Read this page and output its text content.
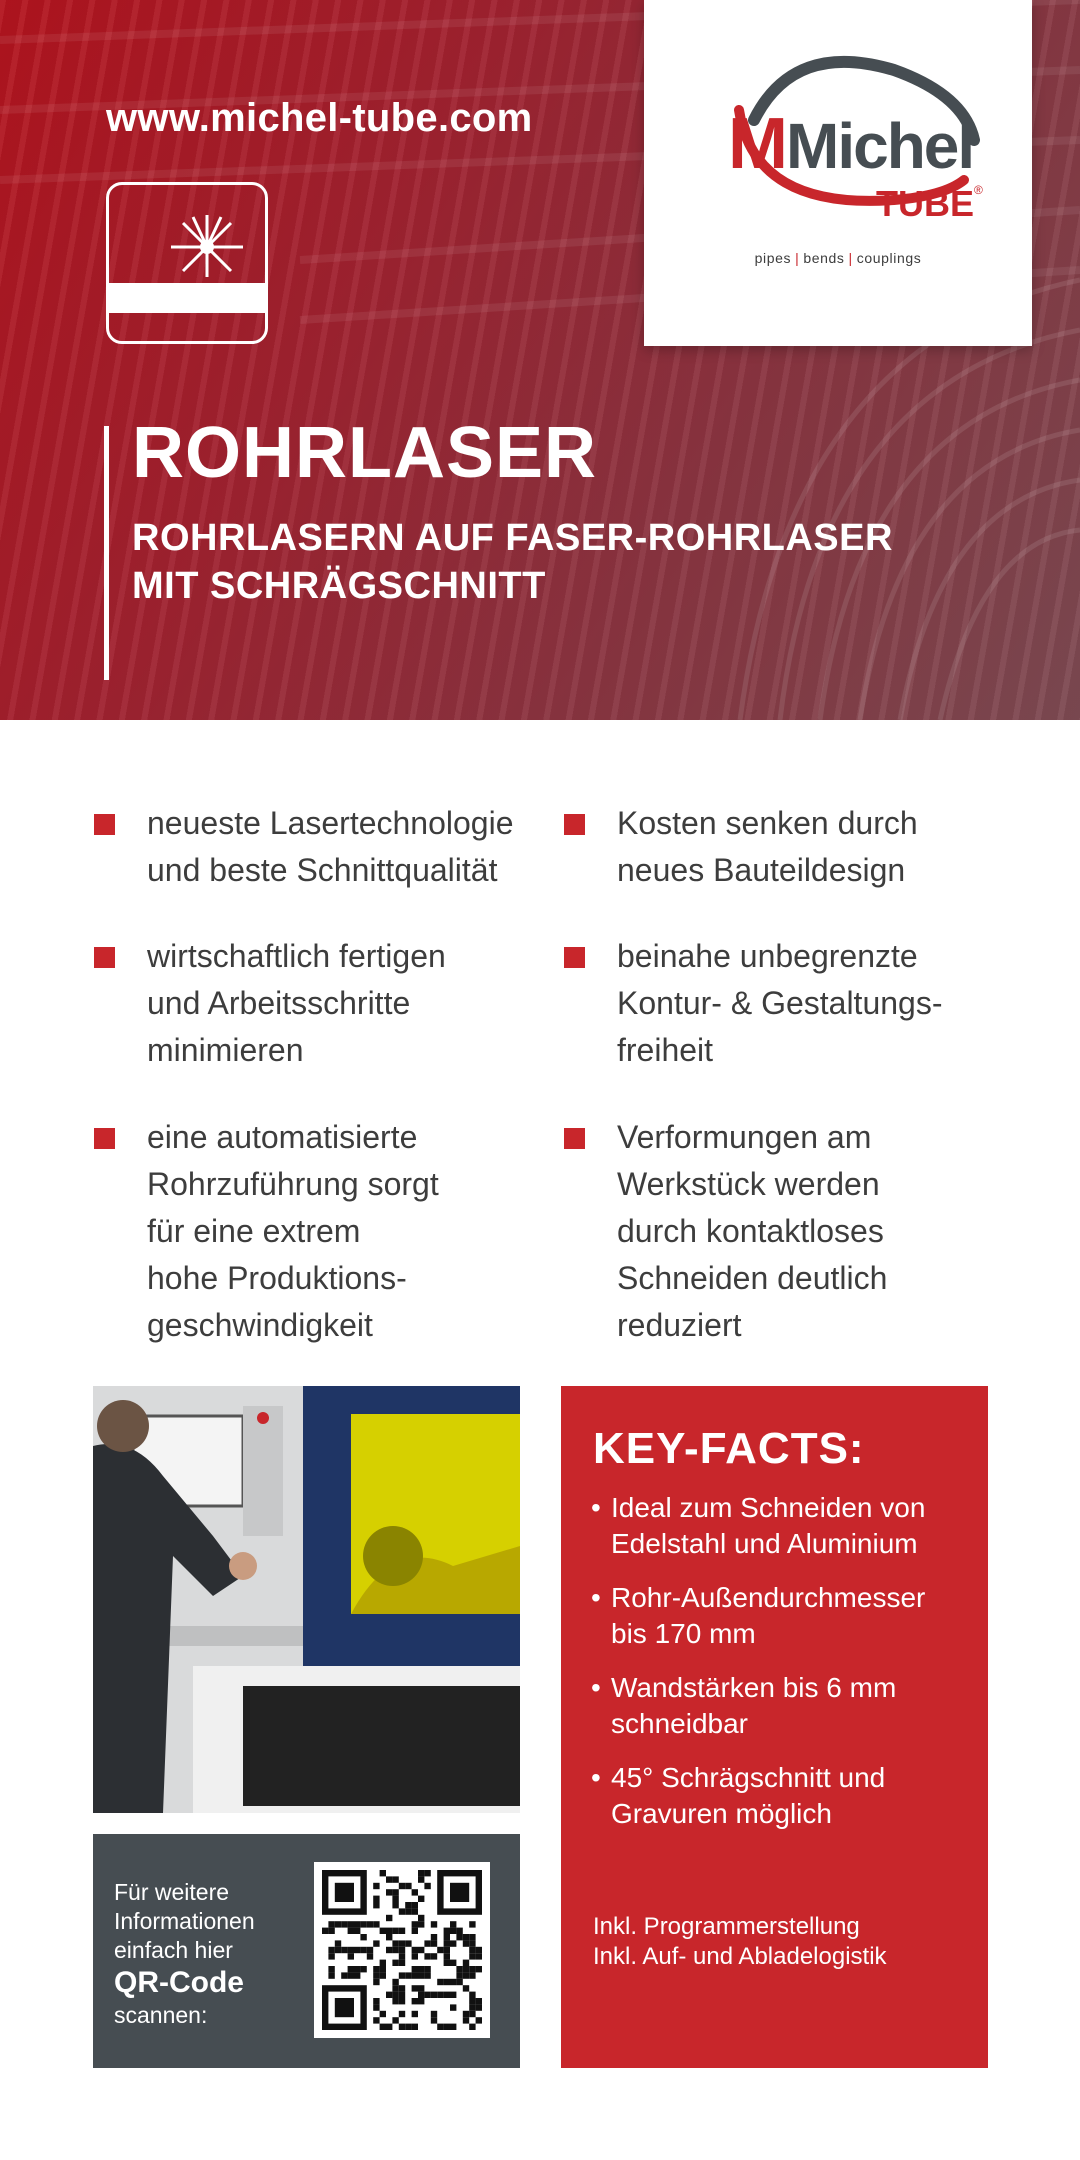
www.michel-tube.com	M
Michel
TUBE ®
pipes | bends | couplings
ROHRLASER
ROHRLASERN AUF FASER-ROHRLASER
MIT SCHRÄGSCHNITT
neueste Lasertechnologie
und beste Schnittqualität
Kosten senken durch
neues Bauteildesign
wirtschaftlich fertigen
und Arbeitsschritte
minimieren
beinahe unbegrenzte
Kontur- & Gestaltungs-
freiheit
eine automatisierte
Rohrzuführung sorgt
für eine extrem
hohe Produktions-
geschwindigkeit
Verformungen am
Werkstück werden
durch kontaktloses
Schneiden deutlich
reduziert
Für weitere
Informationen
einfach hier
QR-Code
scannen:
KEY-FACTS:

• Ideal zum Schneiden von
Edelstahl und Aluminium

• Rohr-Außendurchmesser
bis 170 mm

• Wandstärken bis 6 mm
schneidbar

• 45° Schrägschnitt und
Gravuren möglich

Inkl. Programmerstellung
Inkl. Auf- und Abladelogistik
